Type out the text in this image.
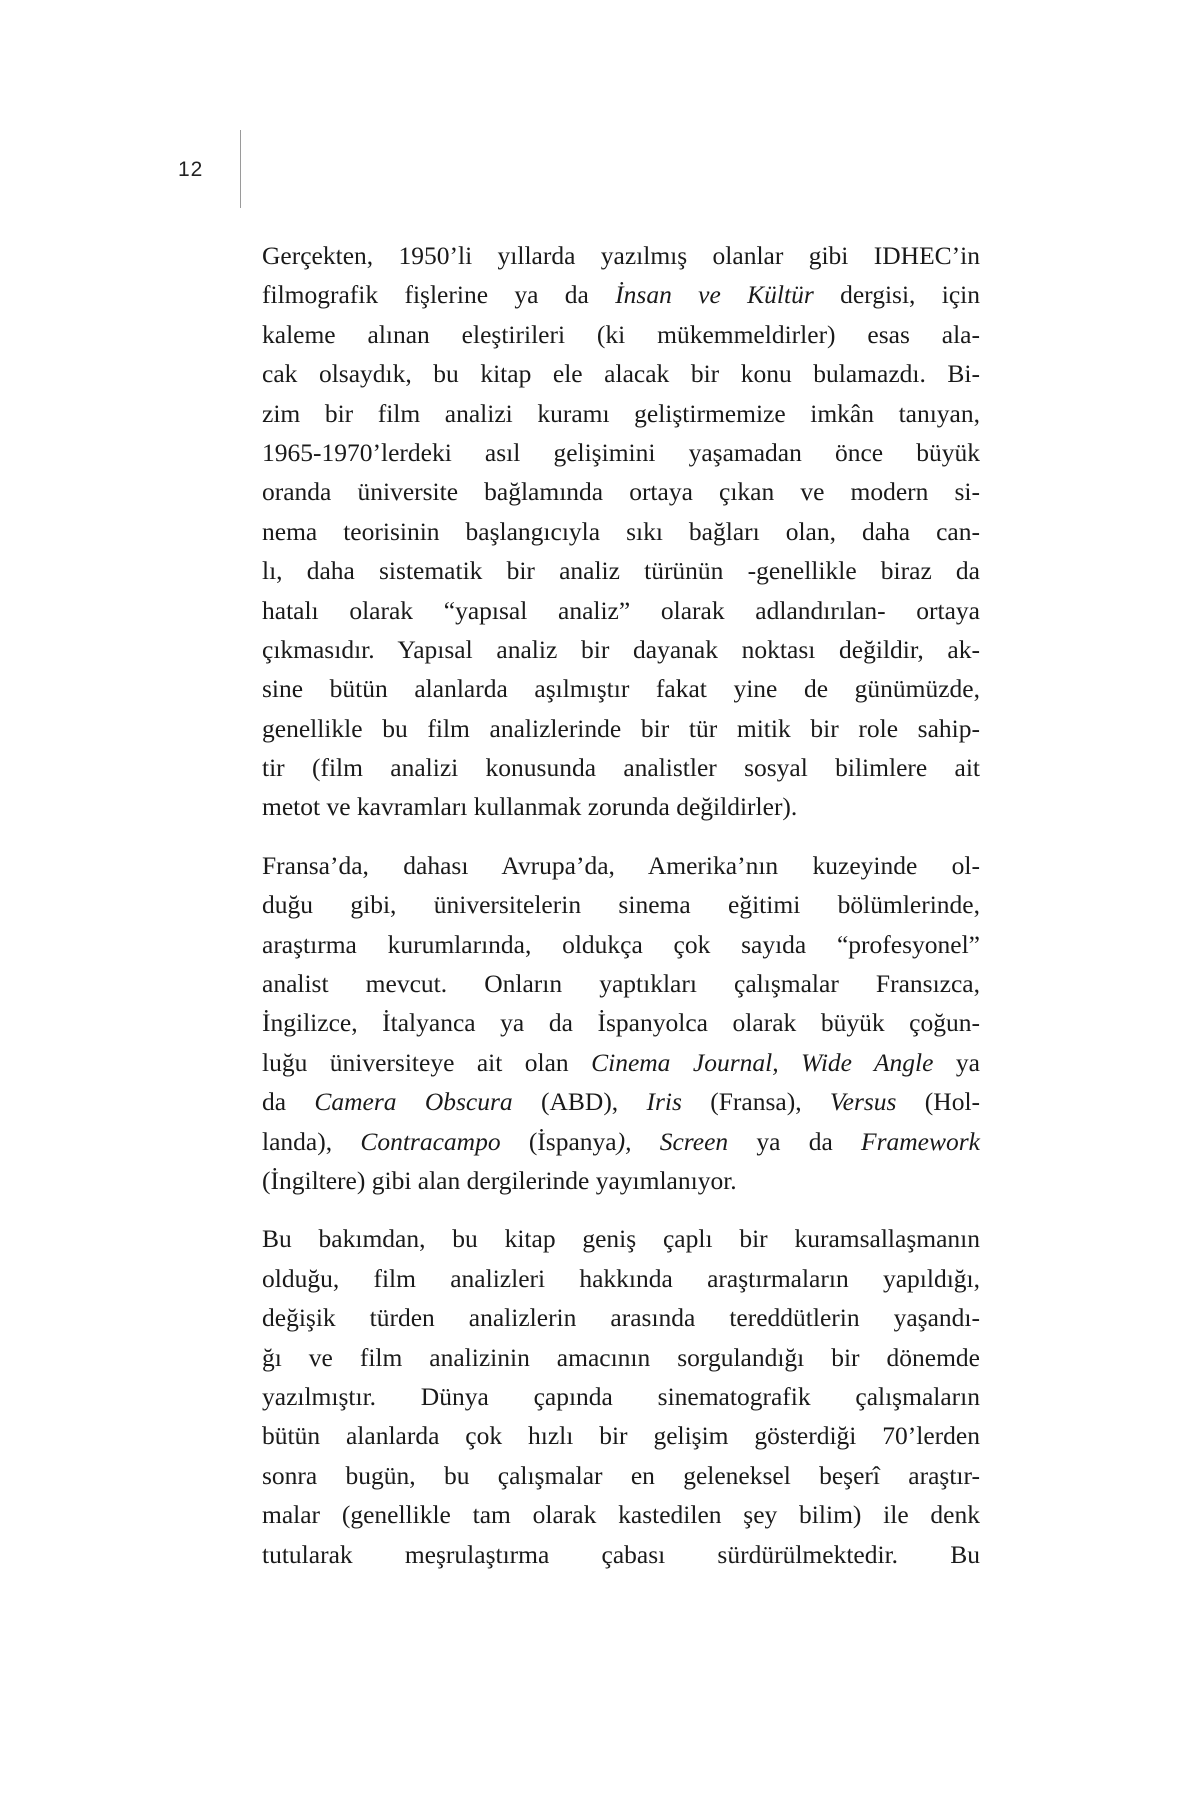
12
Gerçekten, 1950’li yıllarda yazılmış olanlar gibi IDHEC’in
filmografik fişlerine ya da İnsan ve Kültür dergisi, için
kaleme alınan eleştirileri (ki mükemmeldirler) esas ala-
cak olsaydık, bu kitap ele alacak bir konu bulamazdı. Bi-
zim bir film analizi kuramı geliştirmemize imkân tanıyan,
1965-1970’lerdeki asıl gelişimini yaşamadan önce büyük
oranda üniversite bağlamında ortaya çıkan ve modern si-
nema teorisinin başlangıcıyla sıkı bağları olan, daha can-
lı, daha sistematik bir analiz türünün -genellikle biraz da
hatalı olarak “yapısal analiz” olarak adlandırılan- ortaya
çıkmasıdır. Yapısal analiz bir dayanak noktası değildir, ak-
sine bütün alanlarda aşılmıştır fakat yine de günümüzde,
genellikle bu film analizlerinde bir tür mitik bir role sahip-
tir (film analizi konusunda analistler sosyal bilimlere ait
metot ve kavramları kullanmak zorunda değildirler).
Fransa’da, dahası Avrupa’da, Amerika’nın kuzeyinde ol-
duğu gibi, üniversitelerin sinema eğitimi bölümlerinde,
araştırma kurumlarında, oldukça çok sayıda “profesyonel”
analist mevcut. Onların yaptıkları çalışmalar Fransızca,
İngilizce, İtalyanca ya da İspanyolca olarak büyük çoğun-
luğu üniversiteye ait olan Cinema Journal, Wide Angle ya
da Camera Obscura (ABD), Iris (Fransa), Versus (Hol-
landa), Contracampo (İspanya), Screen ya da Framework
(İngiltere) gibi alan dergilerinde yayımlanıyor.
Bu bakımdan, bu kitap geniş çaplı bir kuramsallaşmanın
olduğu, film analizleri hakkında araştırmaların yapıldığı,
değişik türden analizlerin arasında tereddütlerin yaşandı-
ğı ve film analizinin amacının sorgulandığı bir dönemde
yazılmıştır. Dünya çapında sinematografik çalışmaların
bütün alanlarda çok hızlı bir gelişim gösterdiği 70’lerden
sonra bugün, bu çalışmalar en geleneksel beşerî araştır-
malar (genellikle tam olarak kastedilen şey bilim) ile denk
tutularak meşrulaştırma çabası sürdürülmektedir. Bu
